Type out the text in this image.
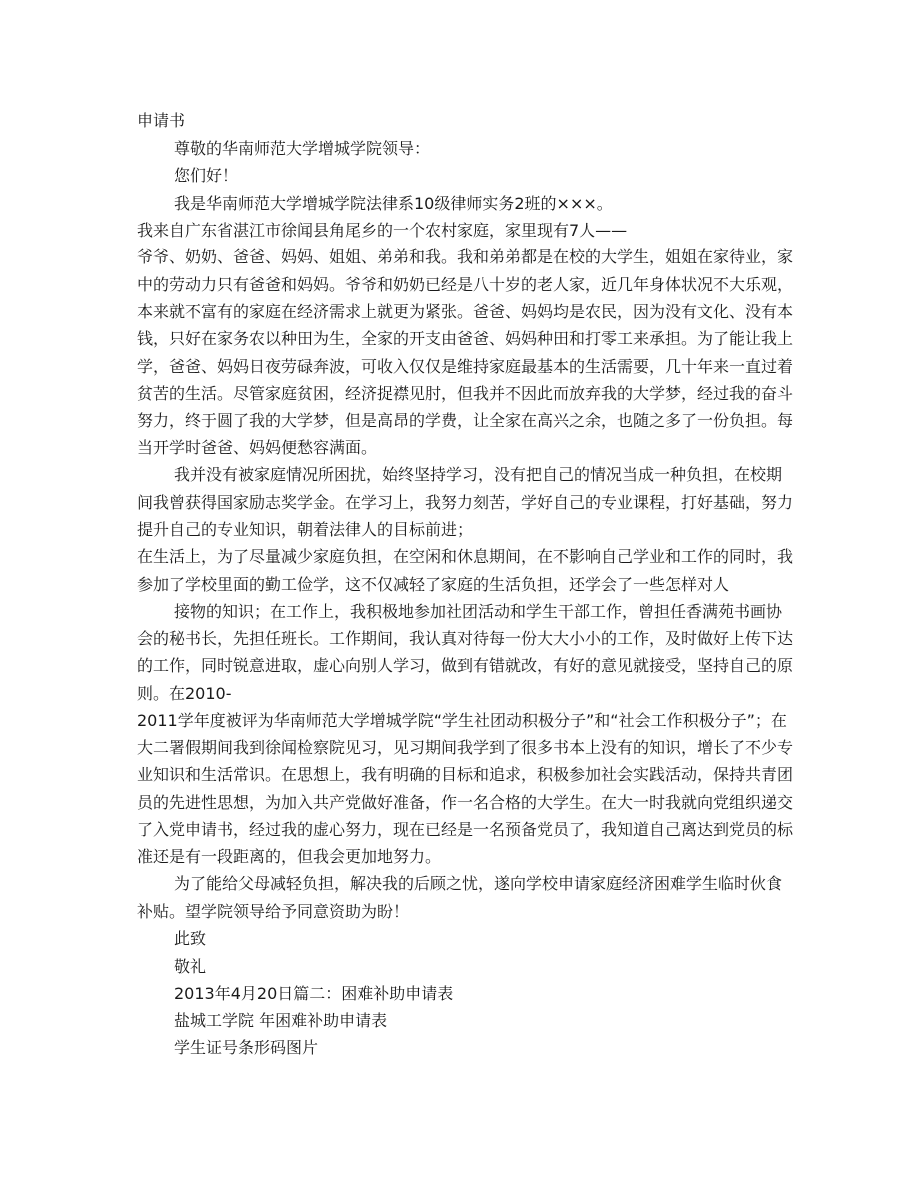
申请书
尊敬的华南师范大学增城学院领导：
您们好！
我是华南师范大学增城学院法律系10级律师实务2班的×××。
我来自广东省湛江市徐闻县角尾乡的一个农村家庭，家里现有7人——
爷爷、奶奶、爸爸、妈妈、姐姐、弟弟和我。我和弟弟都是在校的大学生，姐姐在家待业，家
中的劳动力只有爸爸和妈妈。爷爷和奶奶已经是八十岁的老人家，近几年身体状况不大乐观，
本来就不富有的家庭在经济需求上就更为紧张。爸爸、妈妈均是农民，因为没有文化、没有本
钱，只好在家务农以种田为生，全家的开支由爸爸、妈妈种田和打零工来承担。为了能让我上
学，爸爸、妈妈日夜劳碌奔波，可收入仅仅是维持家庭最基本的生活需要，几十年来一直过着
贫苦的生活。尽管家庭贫困，经济捉襟见肘，但我并不因此而放弃我的大学梦，经过我的奋斗
努力，终于圆了我的大学梦，但是高昂的学费，让全家在高兴之余，也随之多了一份负担。每
当开学时爸爸、妈妈便愁容满面。
我并没有被家庭情况所困扰，始终坚持学习，没有把自己的情况当成一种负担，在校期
间我曾获得国家励志奖学金。在学习上，我努力刻苦，学好自己的专业课程，打好基础，努力
提升自己的专业知识，朝着法律人的目标前进；
在生活上，为了尽量减少家庭负担，在空闲和休息期间，在不影响自己学业和工作的同时，我
参加了学校里面的勤工俭学，这不仅减轻了家庭的生活负担，还学会了一些怎样对人
接物的知识；在工作上，我积极地参加社团活动和学生干部工作，曾担任香满苑书画协
会的秘书长，先担任班长。工作期间，我认真对待每一份大大小小的工作，及时做好上传下达
的工作，同时锐意进取，虚心向别人学习，做到有错就改，有好的意见就接受，坚持自己的原
则。在2010-
2011学年度被评为华南师范大学增城学院“学生社团动积极分子”和“社会工作积极分子”；在
大二署假期间我到徐闻检察院见习，见习期间我学到了很多书本上没有的知识，增长了不少专
业知识和生活常识。在思想上，我有明确的目标和追求，积极参加社会实践活动，保持共青团
员的先进性思想，为加入共产党做好准备，作一名合格的大学生。在大一时我就向党组织递交
了入党申请书，经过我的虚心努力，现在已经是一名预备党员了，我知道自己离达到党员的标
准还是有一段距离的，但我会更加地努力。
为了能给父母减轻负担，解决我的后顾之忧，遂向学校申请家庭经济困难学生临时伙食
补贴。望学院领导给予同意资助为盼！
此致
敬礼
2013年4月20日篇二：困难补助申请表
盐城工学院 年困难补助申请表
学生证号条形码图片
